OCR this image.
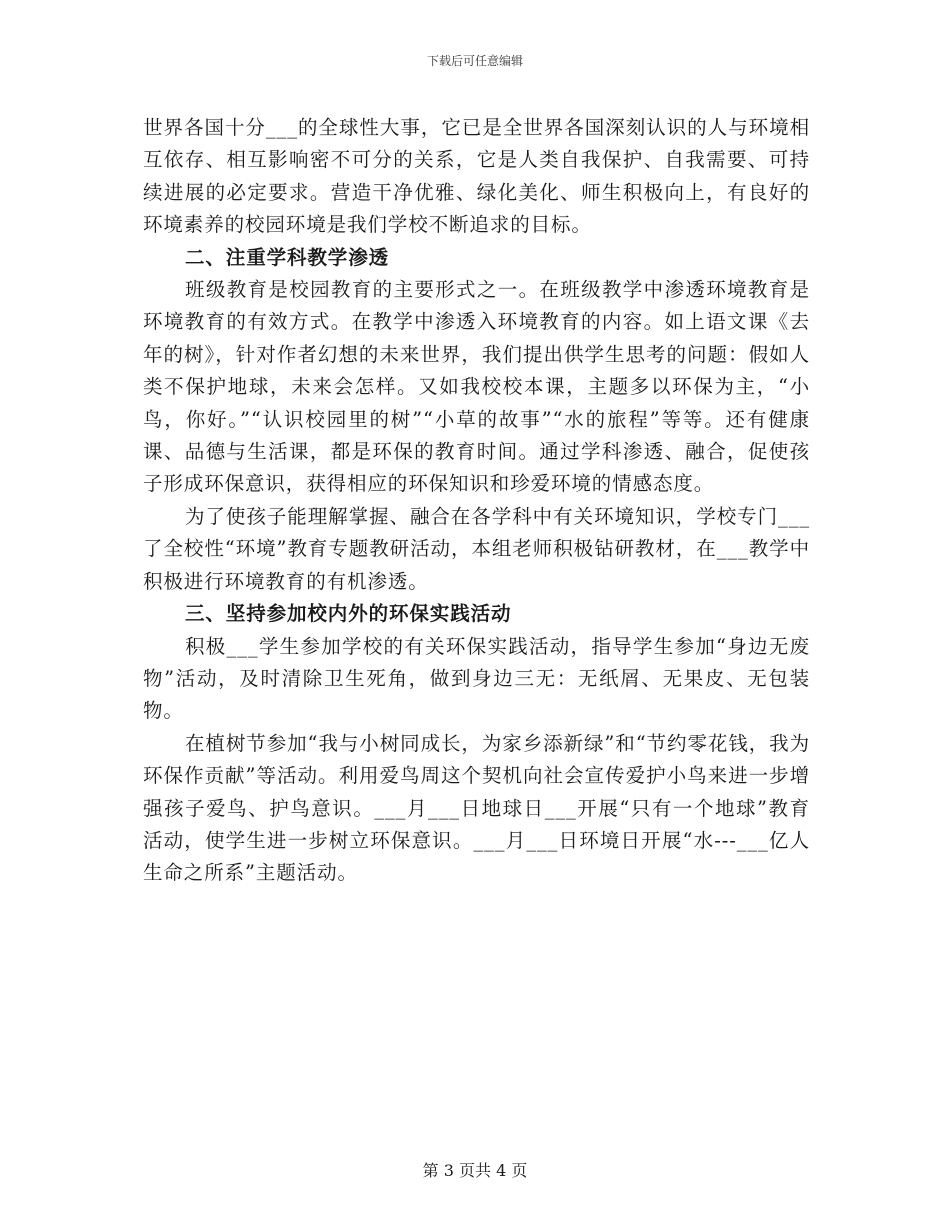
下载后可任意编辑

世界各国十分___的全球性大事，它已是全世界各国深刻认识的人与环境相互依存、相互影响密不可分的关系，它是人类自我保护、自我需要、可持续进展的必定要求。营造干净优雅、绿化美化、师生积极向上，有良好的环境素养的校园环境是我们学校不断追求的目标。

二、注重学科教学渗透

班级教育是校园教育的主要形式之一。在班级教学中渗透环境教育是环境教育的有效方式。在教学中渗透入环境教育的内容。如上语文课《去年的树》，针对作者幻想的未来世界，我们提出供学生思考的问题：假如人类不保护地球，未来会怎样。又如我校校本课，主题多以环保为主，“小鸟，你好。”“认识校园里的树”“小草的故事”“水的旅程”等等。还有健康课、品德与生活课，都是环保的教育时间。通过学科渗透、融合，促使孩子形成环保意识，获得相应的环保知识和珍爱环境的情感态度。

为了使孩子能理解掌握、融合在各学科中有关环境知识，学校专门___了全校性“环境”教育专题教研活动，本组老师积极钻研教材，在___教学中积极进行环境教育的有机渗透。

三、坚持参加校内外的环保实践活动

积极___学生参加学校的有关环保实践活动，指导学生参加“身边无废物”活动，及时清除卫生死角，做到身边三无：无纸屑、无果皮、无包装物。

在植树节参加“我与小树同成长，为家乡添新绿”和“节约零花钱，我为环保作贡献”等活动。利用爱鸟周这个契机向社会宣传爱护小鸟来进一步增强孩子爱鸟、护鸟意识。___月___日地球日___开展“只有一个地球”教育活动，使学生进一步树立环保意识。___月___日环境日开展“水---___亿人生命之所系”主题活动。

第 3 页共 4 页
